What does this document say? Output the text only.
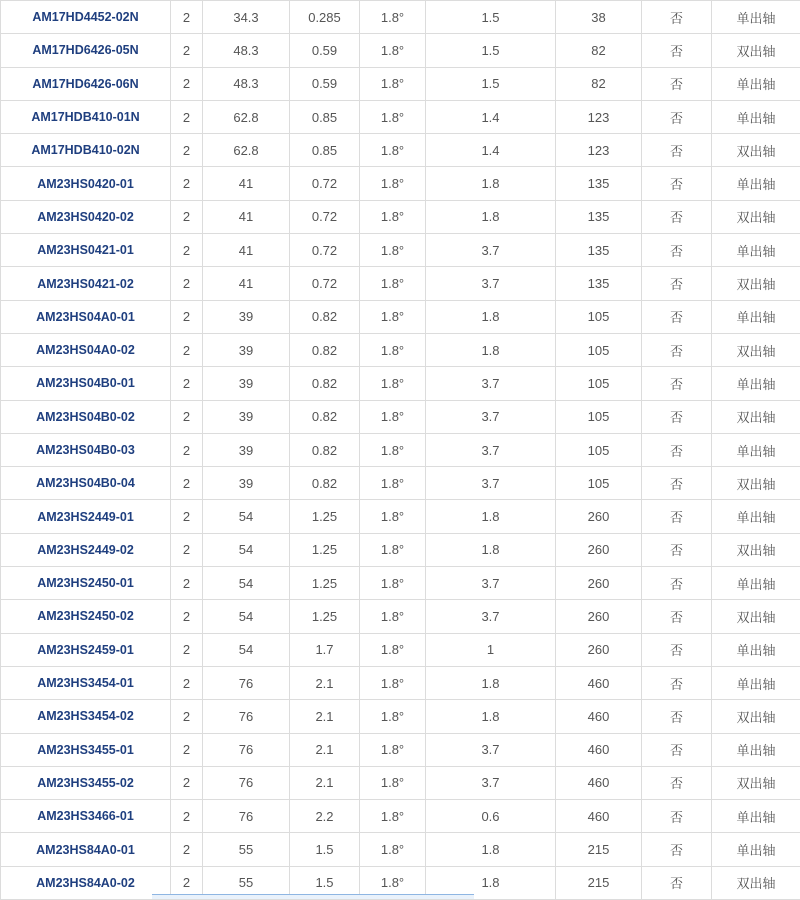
AM17HD4452-02N	2	34.3	0.285	1.8°	1.5	38	否	单出轴
AM17HD6426-05N	2	48.3	0.59	1.8°	1.5	82	否	双出轴
AM17HD6426-06N	2	48.3	0.59	1.8°	1.5	82	否	单出轴
AM17HDB410-01N	2	62.8	0.85	1.8°	1.4	123	否	单出轴
AM17HDB410-02N	2	62.8	0.85	1.8°	1.4	123	否	双出轴
AM23HS0420-01	2	41	0.72	1.8°	1.8	135	否	单出轴
AM23HS0420-02	2	41	0.72	1.8°	1.8	135	否	双出轴
AM23HS0421-01	2	41	0.72	1.8°	3.7	135	否	单出轴
AM23HS0421-02	2	41	0.72	1.8°	3.7	135	否	双出轴
AM23HS04A0-01	2	39	0.82	1.8°	1.8	105	否	单出轴
AM23HS04A0-02	2	39	0.82	1.8°	1.8	105	否	双出轴
AM23HS04B0-01	2	39	0.82	1.8°	3.7	105	否	单出轴
AM23HS04B0-02	2	39	0.82	1.8°	3.7	105	否	双出轴
AM23HS04B0-03	2	39	0.82	1.8°	3.7	105	否	单出轴
AM23HS04B0-04	2	39	0.82	1.8°	3.7	105	否	双出轴
AM23HS2449-01	2	54	1.25	1.8°	1.8	260	否	单出轴
AM23HS2449-02	2	54	1.25	1.8°	1.8	260	否	双出轴
AM23HS2450-01	2	54	1.25	1.8°	3.7	260	否	单出轴
AM23HS2450-02	2	54	1.25	1.8°	3.7	260	否	双出轴
AM23HS2459-01	2	54	1.7	1.8°	1	260	否	单出轴
AM23HS3454-01	2	76	2.1	1.8°	1.8	460	否	单出轴
AM23HS3454-02	2	76	2.1	1.8°	1.8	460	否	双出轴
AM23HS3455-01	2	76	2.1	1.8°	3.7	460	否	单出轴
AM23HS3455-02	2	76	2.1	1.8°	3.7	460	否	双出轴
AM23HS3466-01	2	76	2.2	1.8°	0.6	460	否	单出轴
AM23HS84A0-01	2	55	1.5	1.8°	1.8	215	否	单出轴
AM23HS84A0-02	2	55	1.5	1.8°	1.8	215	否	双出轴
